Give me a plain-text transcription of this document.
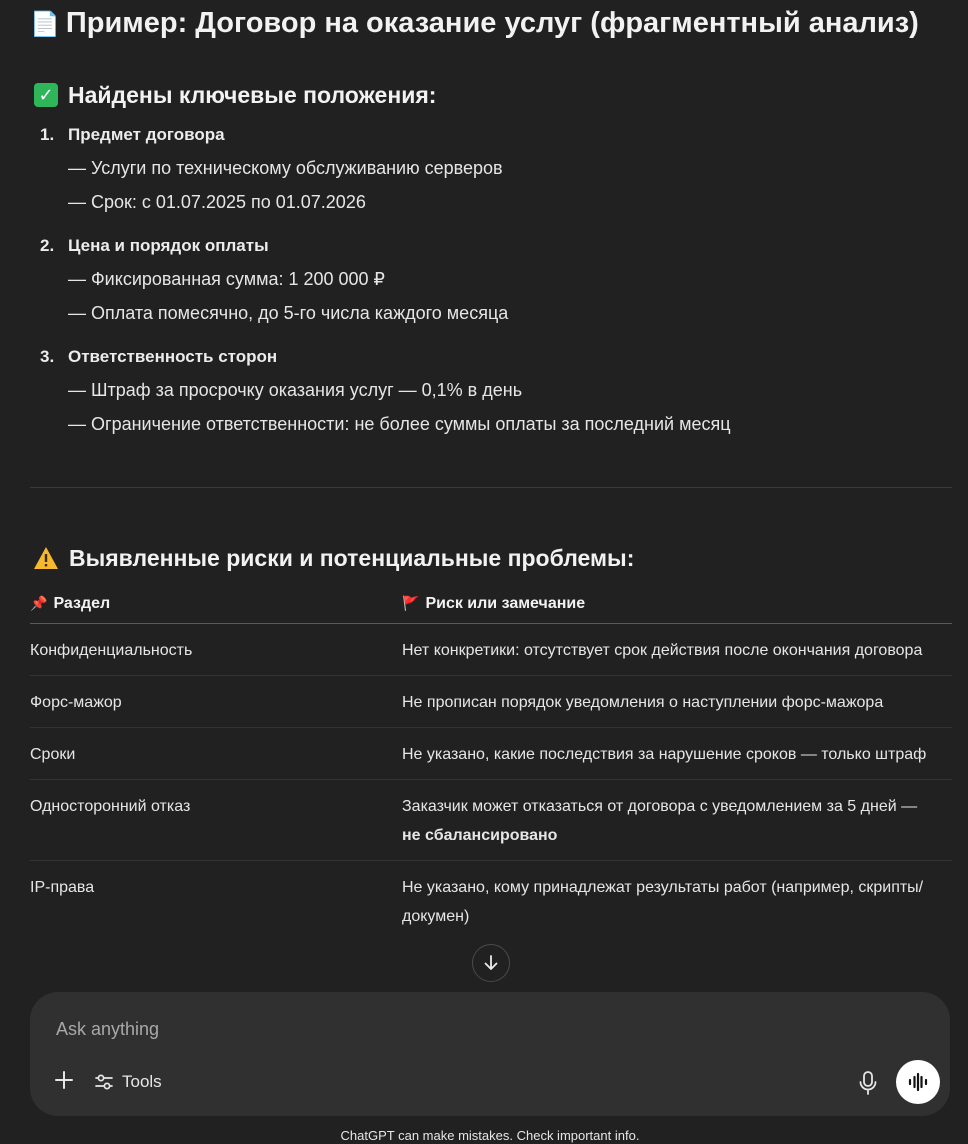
📄 Пример: Договор на оказание услуг (фрагментный анализ)
✓ Найдены ключевые положения:
1. Предмет договора
— Услуги по техническому обслуживанию серверов
— Срок: с 01.07.2025 по 01.07.2026
2. Цена и порядок оплаты
— Фиксированная сумма: 1 200 000 ₽
— Оплата помесячно, до 5-го числа каждого месяца
3. Ответственность сторон
— Штраф за просрочку оказания услуг — 0,1% в день
— Ограничение ответственности: не более суммы оплаты за последний месяц
Выявленные риски и потенциальные проблемы:
📌 Раздел	🚩 Риск или замечание
Конфиденциальность	Нет конкретики: отсутствует срок действия после окончания договора
Форс-мажор	Не прописан порядок уведомления о наступлении форс-мажора
Сроки	Не указано, какие последствия за нарушение сроков — только штраф
Односторонний отказ	Заказчик может отказаться от договора с уведомлением за 5 дней —
не сбалансировано
IP-права	Не указано, кому принадлежат результаты работ (например, скрипты/ докумен)
Ask anything
Tools
ChatGPT can make mistakes. Check important info.
